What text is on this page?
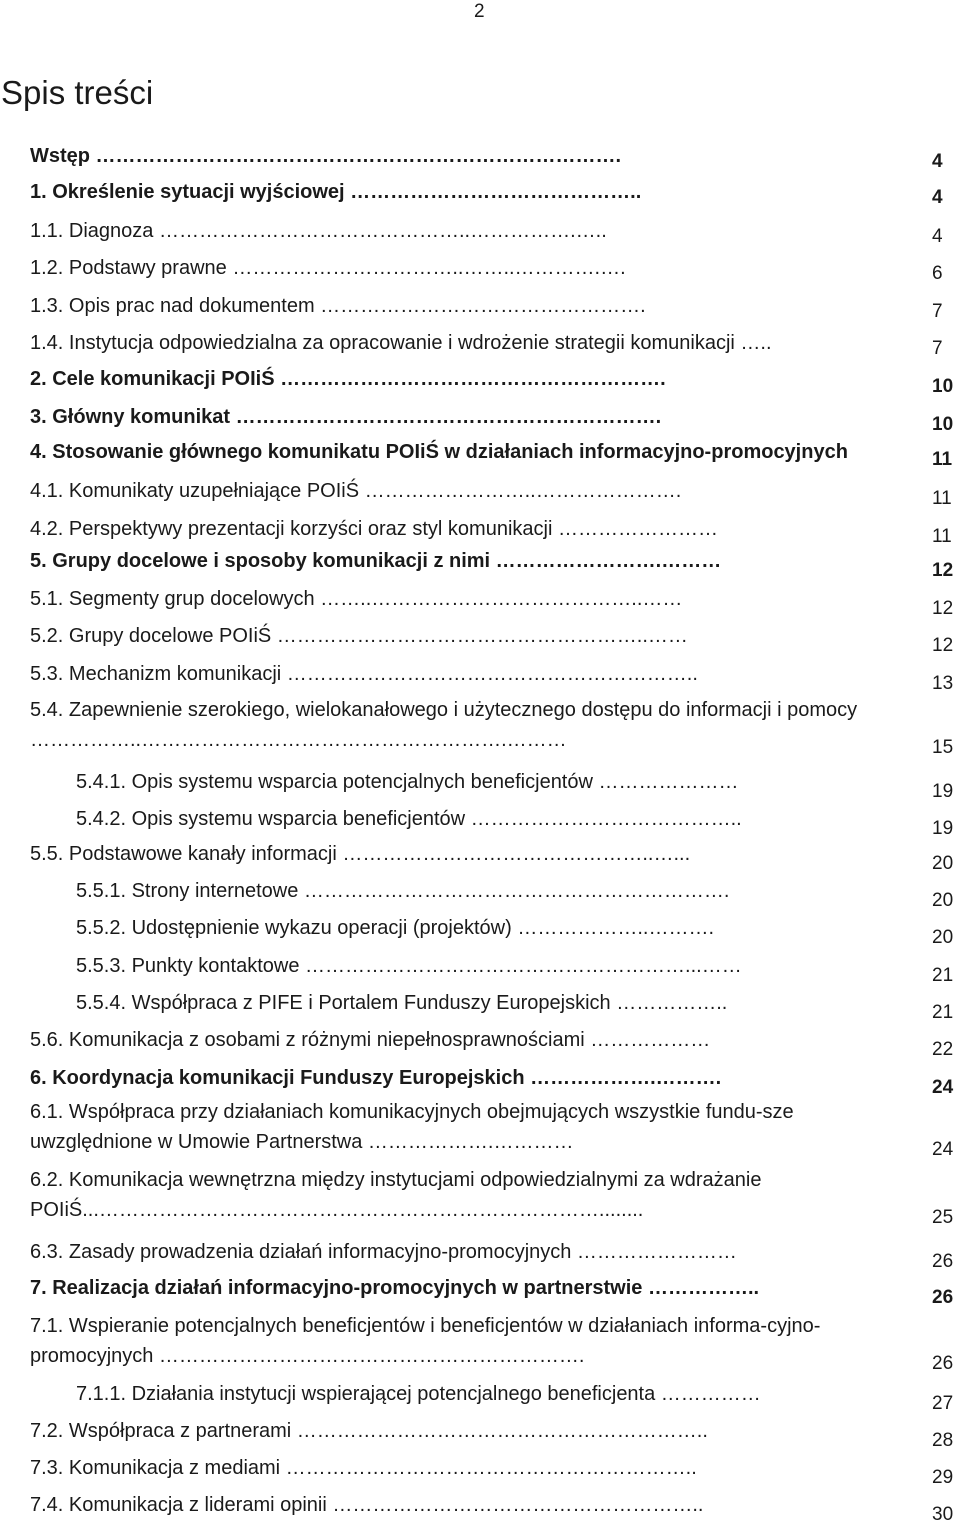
2
Spis treści
Wstęp …………………………………………………………………….	4
1. Określenie sytuacji wyjściowej ……………………………………..	4
1.1. Diagnoza ………………………………………..…………….…..	4
1.2. Podstawy prawne ……………………………..……..………….….	6
1.3. Opis prac nad dokumentem ………………………………………….	7
1.4. Instytucja odpowiedzialna za opracowanie i wdrożenie strategii komunikacji …..	7
2. Cele komunikacji POIiŚ ………………………………………………….	10
3. Główny komunikat ……………………………………………………….	10
4. Stosowanie głównego komunikatu POIiŚ w działaniach informacyjno-promocyjnych	11
4.1. Komunikaty uzupełniające POIiŚ ……………………..………………….	11
4.2. Perspektywy prezentacji korzyści oraz styl komunikacji ……………………	11
5. Grupy docelowe i sposoby komunikacji z nimi …………………….………	12
5.1. Segmenty grup docelowych ……..…………………………………..……	12
5.2. Grupy docelowe POIiŚ ………………………………………………..……	12
5.3. Mechanizm komunikacji ……………………………………………………..	13
5.4. Zapewnienie szerokiego, wielokanałowego i użytecznego dostępu do informacji i pomocy ……………..……………………………………………….………	15
5.4.1. Opis systemu wsparcia potencjalnych beneficjentów …………………	19
5.4.2. Opis systemu wsparcia beneficjentów …………………………………..	19
5.5. Podstawowe kanały informacji ………………………………………..…...	20
5.5.1. Strony internetowe ……………………………………………………….	20
5.5.2. Udostępnienie wykazu operacji (projektów) ………………..……….	20
5.5.3. Punkty kontaktowe …………………………………………………...……	21
5.5.4. Współpraca z PIFE i Portalem Funduszy Europejskich ……………..	21
5.6. Komunikacja z osobami z różnymi niepełnosprawnościami ………………	22
6. Koordynacja komunikacji Funduszy Europejskich ……………….……….	24
6.1. Współpraca przy działaniach komunikacyjnych obejmujących wszystkie fundu-sze uwzględnione w Umowie Partnerstwa ……………….…………	24
6.2. Komunikacja wewnętrzna między instytucjami odpowiedzialnymi za wdrażanie POIiŚ...…………………………………………………………………........	25
6.3. Zasady prowadzenia działań informacyjno-promocyjnych ……………………	26
7. Realizacja działań informacyjno-promocyjnych w partnerstwie ……………..	26
7.1. Wspieranie potencjalnych beneficjentów i beneficjentów w działaniach informa-cyjno-promocyjnych ……………………………………………………….	26
7.1.1. Działania instytucji wspierającej potencjalnego beneficjenta ……………	27
7.2. Współpraca z partnerami ……………………………………………………..	28
7.3. Komunikacja z mediami ……………………………………………………..	29
7.4. Komunikacja z liderami opinii ………………………………………………..	30
